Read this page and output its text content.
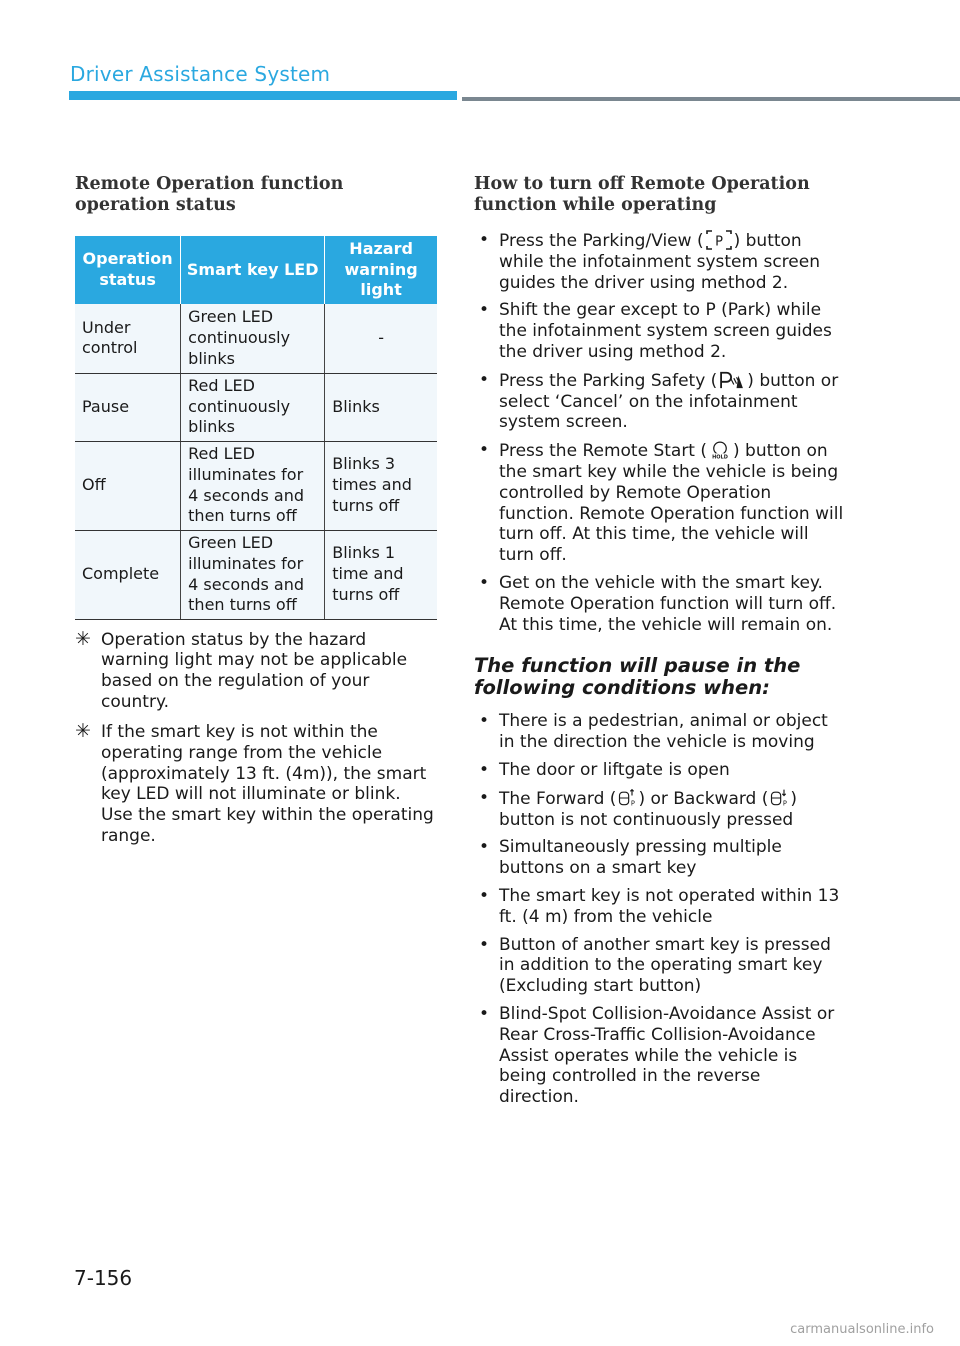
Driver Assistance System
Remote Operation function operation status
Operation status	Smart key LED	Hazard warning light
Under control	Green LED continuously blinks	-
Pause	Red LED continuously blinks	Blinks
Off	Red LED illuminates for 4 seconds and then turns off	Blinks 3 times and turns off
Complete	Green LED illuminates for 4 seconds and then turns off	Blinks 1 time and turns off
✳ Operation status by the hazard warning light may not be applicable based on the regulation of your country.
✳ If the smart key is not within the operating range from the vehicle (approximately 13 ft. (4m)), the smart key LED will not illuminate or blink. Use the smart key within the operating range.
How to turn off Remote Operation function while operating
• Press the Parking/View ( P ) button while the infotainment system screen guides the driver using method 2.
• Shift the gear except to P (Park) while the infotainment system screen guides the driver using method 2.
• Press the Parking Safety ( ) button or select ‘Cancel’ on the infotainment system screen.
• Press the Remote Start ( HOLD ) button on the smart key while the vehicle is being controlled by Remote Operation function. Remote Operation function will turn off. At this time, the vehicle will turn off.
• Get on the vehicle with the smart key. Remote Operation function will turn off. At this time, the vehicle will remain on.
The function will pause in the following conditions when:
• There is a pedestrian, animal or object in the direction the vehicle is moving
• The door or liftgate is open
• The Forward ( P ) or Backward ( P ) button is not continuously pressed
• Simultaneously pressing multiple buttons on a smart key
• The smart key is not operated within 13 ft. (4 m) from the vehicle
• Button of another smart key is pressed in addition to the operating smart key (Excluding start button)
• Blind-Spot Collision-Avoidance Assist or Rear Cross-Traffic Collision-Avoidance Assist operates while the vehicle is being controlled in the reverse direction.
7-156
carmanualsonline.info
